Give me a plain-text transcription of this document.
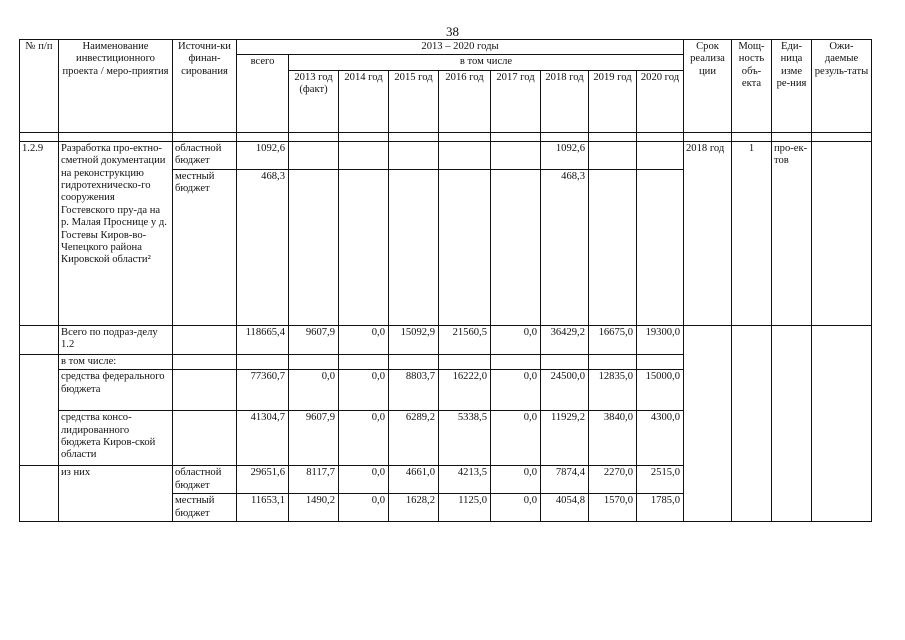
38
№ п/п	Наименование инвестиционного проекта / меро-приятия	Источни-ки финан-сирования	2013 – 2020 годы									Срок реализа ции	Мощ-ность объ-екта	Еди-ница изме ре-ния	Ожи-даемые резуль-таты
			всего	в том числе											
				2013 год (факт)	2014 год	2015 год	2016 год	2017 год	2018 год	2019 год	2020 год				

1.2.9	Разработка про-ектно-сметной документации на реконструкцию гидротехническо-го сооружения Гостевского пру-да на р. Малая Проснице у д. Гостевы Киров-во-Чепецкого района Кировской области²	областной бюджет	1092,6						1092,6			2018 год	1	про-ек-тов	
		местный бюджет	468,3						468,3						
	Всего по подраз-делу 1.2		118665,4	9607,9	0,0	15092,9	21560,5	0,0	36429,2	16675,0	19300,0				
	в том числе:														
	средства федерального бюджета		77360,7	0,0	0,0	8803,7	16222,0	0,0	24500,0	12835,0	15000,0				
	средства консо-лидированного бюджета Киров-ской области		41304,7	9607,9	0,0	6289,2	5338,5	0,0	11929,2	3840,0	4300,0				
	из них	областной бюджет	29651,6	8117,7	0,0	4661,0	4213,5	0,0	7874,4	2270,0	2515,0				
		местный бюджет	11653,1	1490,2	0,0	1628,2	1125,0	0,0	4054,8	1570,0	1785,0				
